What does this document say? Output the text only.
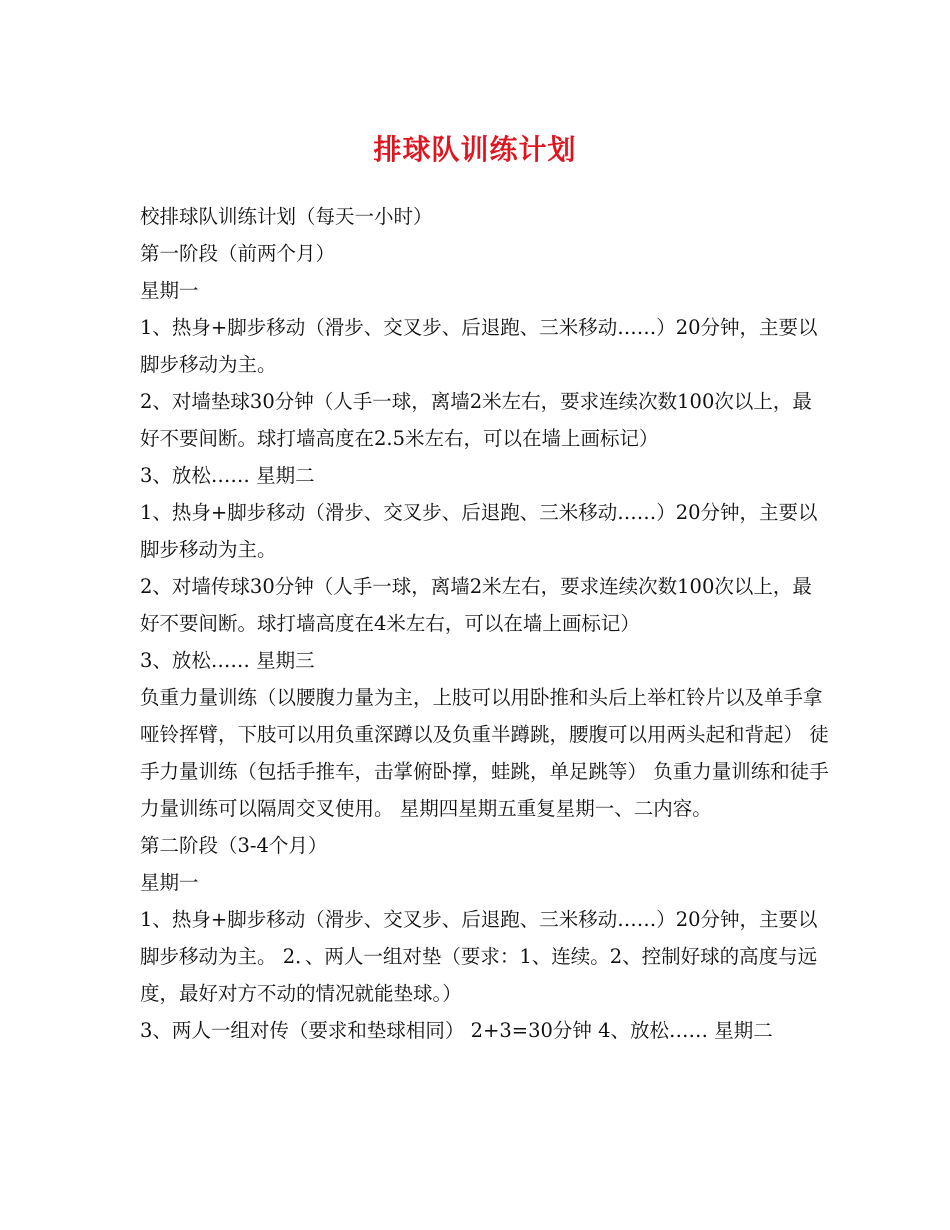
排球队训练计划

校排球队训练计划（每天一小时）

第一阶段（前两个月）

星期一

1、热身+脚步移动（滑步、交叉步、后退跑、三米移动……）20分钟，主要以脚步移动为主。

2、对墙垫球30分钟（人手一球，离墙2米左右，要求连续次数100次以上，最好不要间断。球打墙高度在2.5米左右，可以在墙上画标记）

3、放松…… 星期二

1、热身+脚步移动（滑步、交叉步、后退跑、三米移动……）20分钟，主要以脚步移动为主。

2、对墙传球30分钟（人手一球，离墙2米左右，要求连续次数100次以上，最好不要间断。球打墙高度在4米左右，可以在墙上画标记）

3、放松…… 星期三

负重力量训练（以腰腹力量为主，上肢可以用卧推和头后上举杠铃片以及单手拿哑铃挥臂，下肢可以用负重深蹲以及负重半蹲跳，腰腹可以用两头起和背起） 徒手力量训练（包括手推车，击掌俯卧撑，蛙跳，单足跳等） 负重力量训练和徒手力量训练可以隔周交叉使用。 星期四星期五重复星期一、二内容。

第二阶段（3-4个月）

星期一

1、热身+脚步移动（滑步、交叉步、后退跑、三米移动……）20分钟，主要以脚步移动为主。 2．、两人一组对垫（要求：1、连续。2、控制好球的高度与远度，最好对方不动的情况就能垫球。）

3、两人一组对传（要求和垫球相同） 2+3=30分钟 4、放松…… 星期二
